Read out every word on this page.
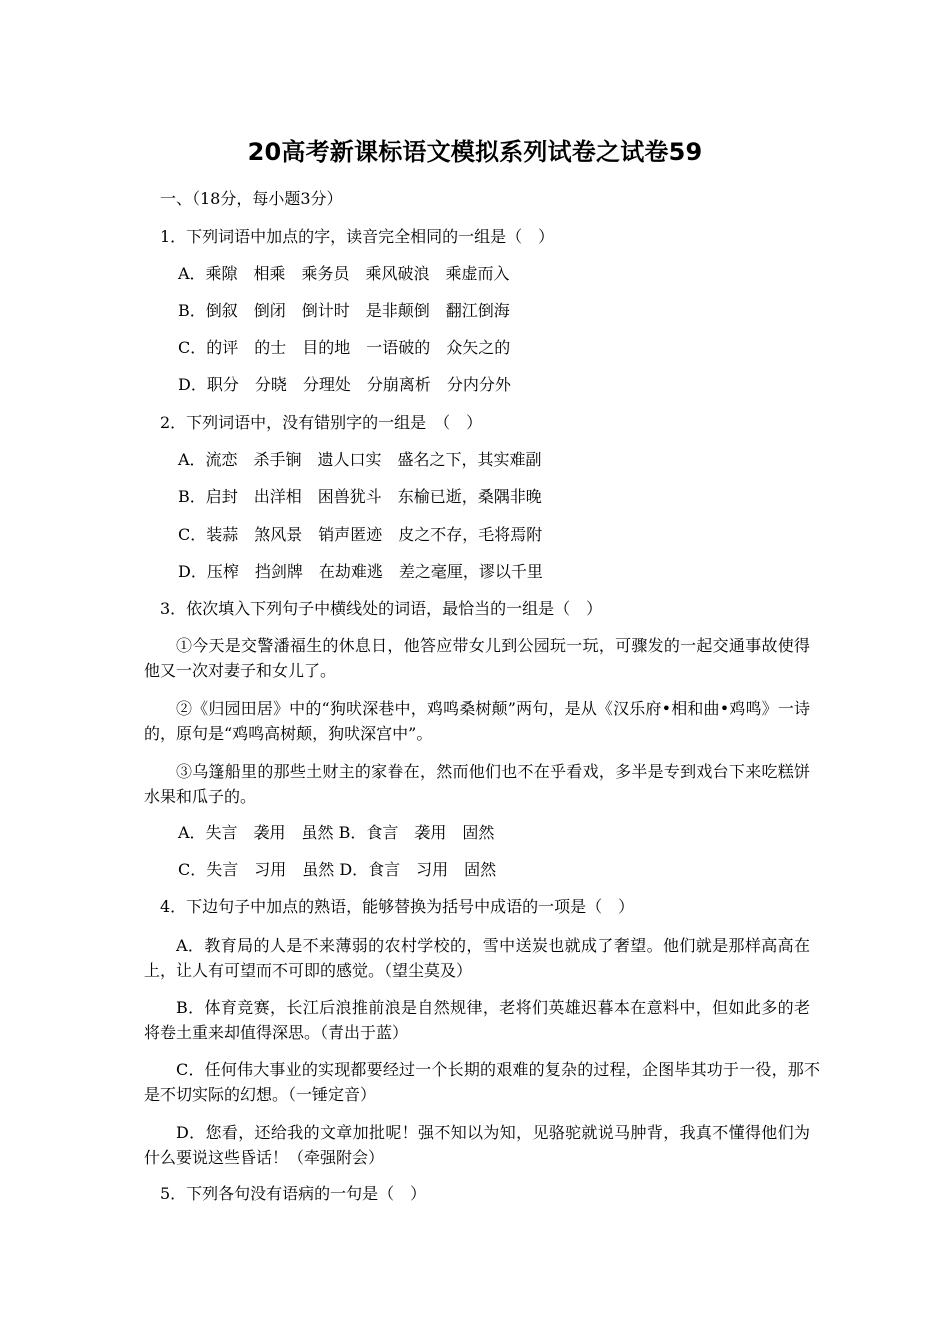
20高考新课标语文模拟系列试卷之试卷59
一、（18分，每小题3分）
1．下列词语中加点的字，读音完全相同的一组是（　）
A．乘隙　相乘　乘务员　乘风破浪　乘虚而入
B．倒叙　倒闭　倒计时　是非颠倒　翻江倒海
C．的评　的士　目的地　一语破的　众矢之的
D．职分　分晓　分理处　分崩离析　分内分外
2．下列词语中，没有错别字的一组是　（　）
A．流恋　杀手锏　遗人口实　盛名之下，其实难副
B．启封　出洋相　困兽犹斗　东榆已逝，桑隅非晚
C．装蒜　煞风景　销声匿迹　皮之不存，毛将焉附
D．压榨　挡剑牌　在劫难逃　差之毫厘，谬以千里
3．依次填入下列句子中横线处的词语，最恰当的一组是（　）
①今天是交警潘福生的休息日，他答应带女儿到公园玩一玩，可骤发的一起交通事故使得他又一次对妻子和女儿了。
②《归园田居》中的“狗吠深巷中，鸡鸣桑树颠”两句，是从《汉乐府•相和曲•鸡鸣》一诗的，原句是“鸡鸣高树颠，狗吠深宫中”。
③乌篷船里的那些土财主的家眷在，然而他们也不在乎看戏，多半是专到戏台下来吃糕饼水果和瓜子的。
A．失言　袭用　虽然 B．食言　袭用　固然
C．失言　习用　虽然 D．食言　习用　固然
4．下边句子中加点的熟语，能够替换为括号中成语的一项是（　）
A．教育局的人是不来薄弱的农村学校的，雪中送炭也就成了奢望。他们就是那样高高在上，让人有可望而不可即的感觉。（望尘莫及）
B．体育竞赛，长江后浪推前浪是自然规律，老将们英雄迟暮本在意料中，但如此多的老将卷土重来却值得深思。（青出于蓝）
C．任何伟大事业的实现都要经过一个长期的艰难的复杂的过程，企图毕其功于一役，那不是不切实际的幻想。（一锤定音）
D．您看，还给我的文章加批呢！强不知以为知，见骆驼就说马肿背，我真不懂得他们为什么要说这些昏话！（牵强附会）
5．下列各句没有语病的一句是（　）
